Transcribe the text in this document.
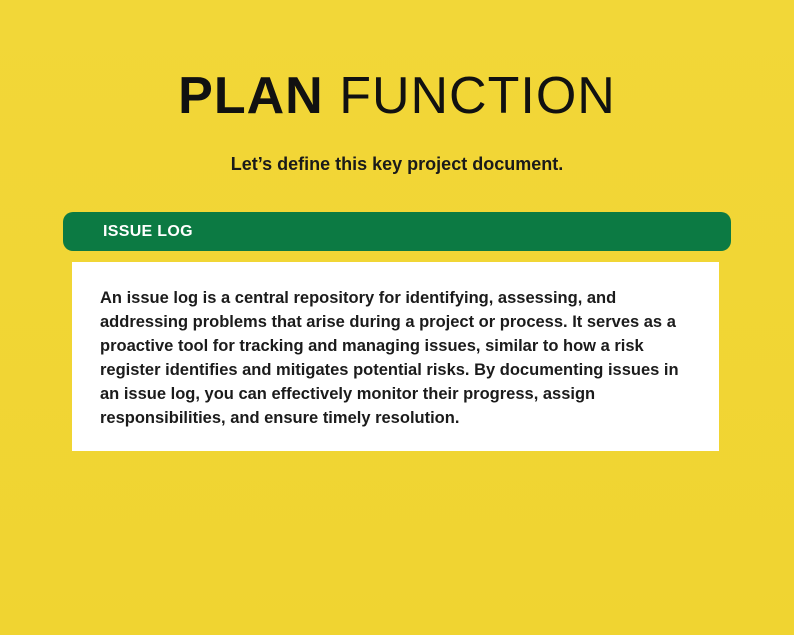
PLAN FUNCTION
Let’s define this key project document.
ISSUE LOG

An issue log is a central repository for identifying, assessing, and addressing problems that arise during a project or process. It serves as a proactive tool for tracking and managing issues, similar to how a risk register identifies and mitigates potential risks. By documenting issues in an issue log, you can effectively monitor their progress, assign responsibilities, and ensure timely resolution.
